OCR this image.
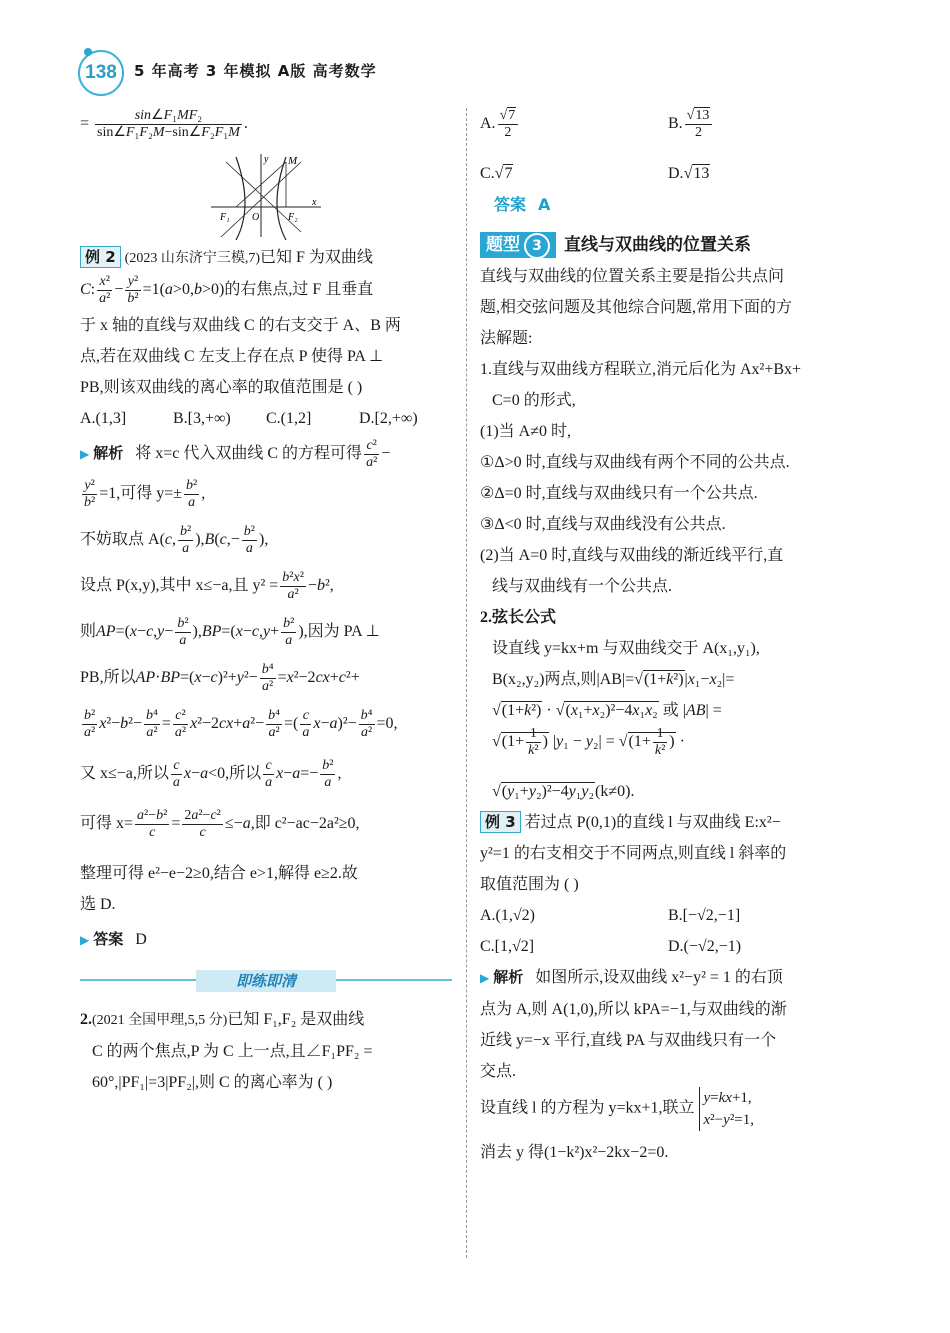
138	5 年高考 3 年模拟 A版 高考数学
= $\frac{\text{sin∠F₁MF₂}}{\text{sin∠F₁F₂M−sin∠F₂F₁M}}$ .
M
y
x
F₁ O	F₂
例 2 (2023 山东济宁三模,7)已知 F 为双曲线
C: $\frac{\text{x²}}{\text{a²}} - \frac{\text{y²}}{\text{b²}} =1(a>0,b>0)$的右焦点,过 F 且垂直
于 x 轴的直线与双曲线 C 的右支交于 A、B 两
点,若在双曲线 C 左支上存在点 P 使得 PA ⊥
PB,则该双曲线的离心率的取值范围是 ( )
A.(1,3]	B.[3,+∞)	C.(1,2]	D.[2,+∞)
▶ 解析 将 x=c 代入双曲线 C 的方程可得 $\frac{\text{c²}}{\text{a²}}$ −
$\frac{\text{y²}}{\text{b²}} =1$,可得 $y=\pm \frac{\text{b²}}{a}$ ,
不妨取点 A(c, $\frac{\text{b²}}{a} ),B(c,- \frac{\text{b²}}{a}$ ),
设点 P(x,y),其中 x≤−a,且 $y^2 = \frac{\text{b²x²}}{\text{a²}} -b^2$,
则$AP=(x-c,y- \frac{\text{b²}}{a} ),BP=(x-c,y+ \frac{\text{b²}}{a}$ ),因为 PA ⊥
PB,所以$AP\cdot BP=(x-c)^2+y^2- \frac{\text{b⁴}}{\text{a²}} =x^2-2cx+c^2+$
$\frac{\text{b²}}{\text{a²}} x^2-b^2- \frac{\text{b⁴}}{\text{a²}} = \frac{\text{c²}}{\text{a²}} x^2-2cx+a^2- \frac{\text{b⁴}}{\text{a²}}$ =( $\frac{c}{a} x-a)^2- \frac{\text{b⁴}}{\text{a²}} =0$,
又 x≤−a,所以 $\frac{c}{a} x-a<0$,所以 $\frac{c}{a} x-a=- \frac{\text{b²}}{a}$ ,
可得 $x= \frac{\text{a²−b²}}{c} = \frac{\text{2a²−c²}}{c} \le-a$,即 c²−ac−2a²≥0,
整理可得 e²−e−2≥0,结合 e>1,解得 e≥2.故
选 D.
▶ 答案 D
即练即清
2.(2021 全国甲理,5,5 分)已知 F₁,F₂ 是双曲线
C 的两个焦点,P 为 C 上一点,且∠F₁PF₂ =
60°,|PF₁|=3|PF₂|,则 C 的离心率为 ( )
A. $\frac{√7}{2}$	B. $\frac{√13}{2}$
C.√7	D.√13
答案 A
题型 3 直线与双曲线的位置关系
直线与双曲线的位置关系主要是指公共点问
题,相交弦问题及其他综合问题,常用下面的方
法解题:
1.直线与双曲线方程联立,消元后化为 Ax²+Bx+
C=0 的形式,
(1)当 A≠0 时,
①Δ>0 时,直线与双曲线有两个不同的公共点.
②Δ=0 时,直线与双曲线只有一个公共点.
③Δ<0 时,直线与双曲线没有公共点.
(2)当 A=0 时,直线与双曲线的渐近线平行,直
线与双曲线有一个公共点.
2.弦长公式
设直线 y=kx+m 与双曲线交于 A(x₁,y₁),
B(x₂,y₂)两点,则|AB|=√(1+k²)|x₁−x₂|=
√(1+k²) · √(x₁+x₂)²−4x₁x₂ 或 |AB| =
$√(1+ \frac{1}{\text{k²}}$ ) $|y_1 - y_2| = √(1+ \frac{1}{\text{k²}}$ ) ·
√(y₁+y₂)²−4y₁y₂(k≠0).
例 3 若过点 P(0,1)的直线 l 与双曲线 E:x²−
y²=1 的右支相交于不同两点,则直线 l 斜率的
取值范围为 ( )
A.(1,√2)	B.[−√2,−1]
C.[1,√2]	D.(−√2,−1)
▶ 解析 如图所示,设双曲线 x²−y² = 1 的右顶
点为 A,则 A(1,0),所以 kPA=−1,与双曲线的渐
近线 y=−x 平行,直线 PA 与双曲线只有一个
交点.
设直线 l 的方程为 y=kx+1,联立 y=kx+1,
x²−y²=1,
消去 y 得(1−k²)x²−2kx−2=0.
